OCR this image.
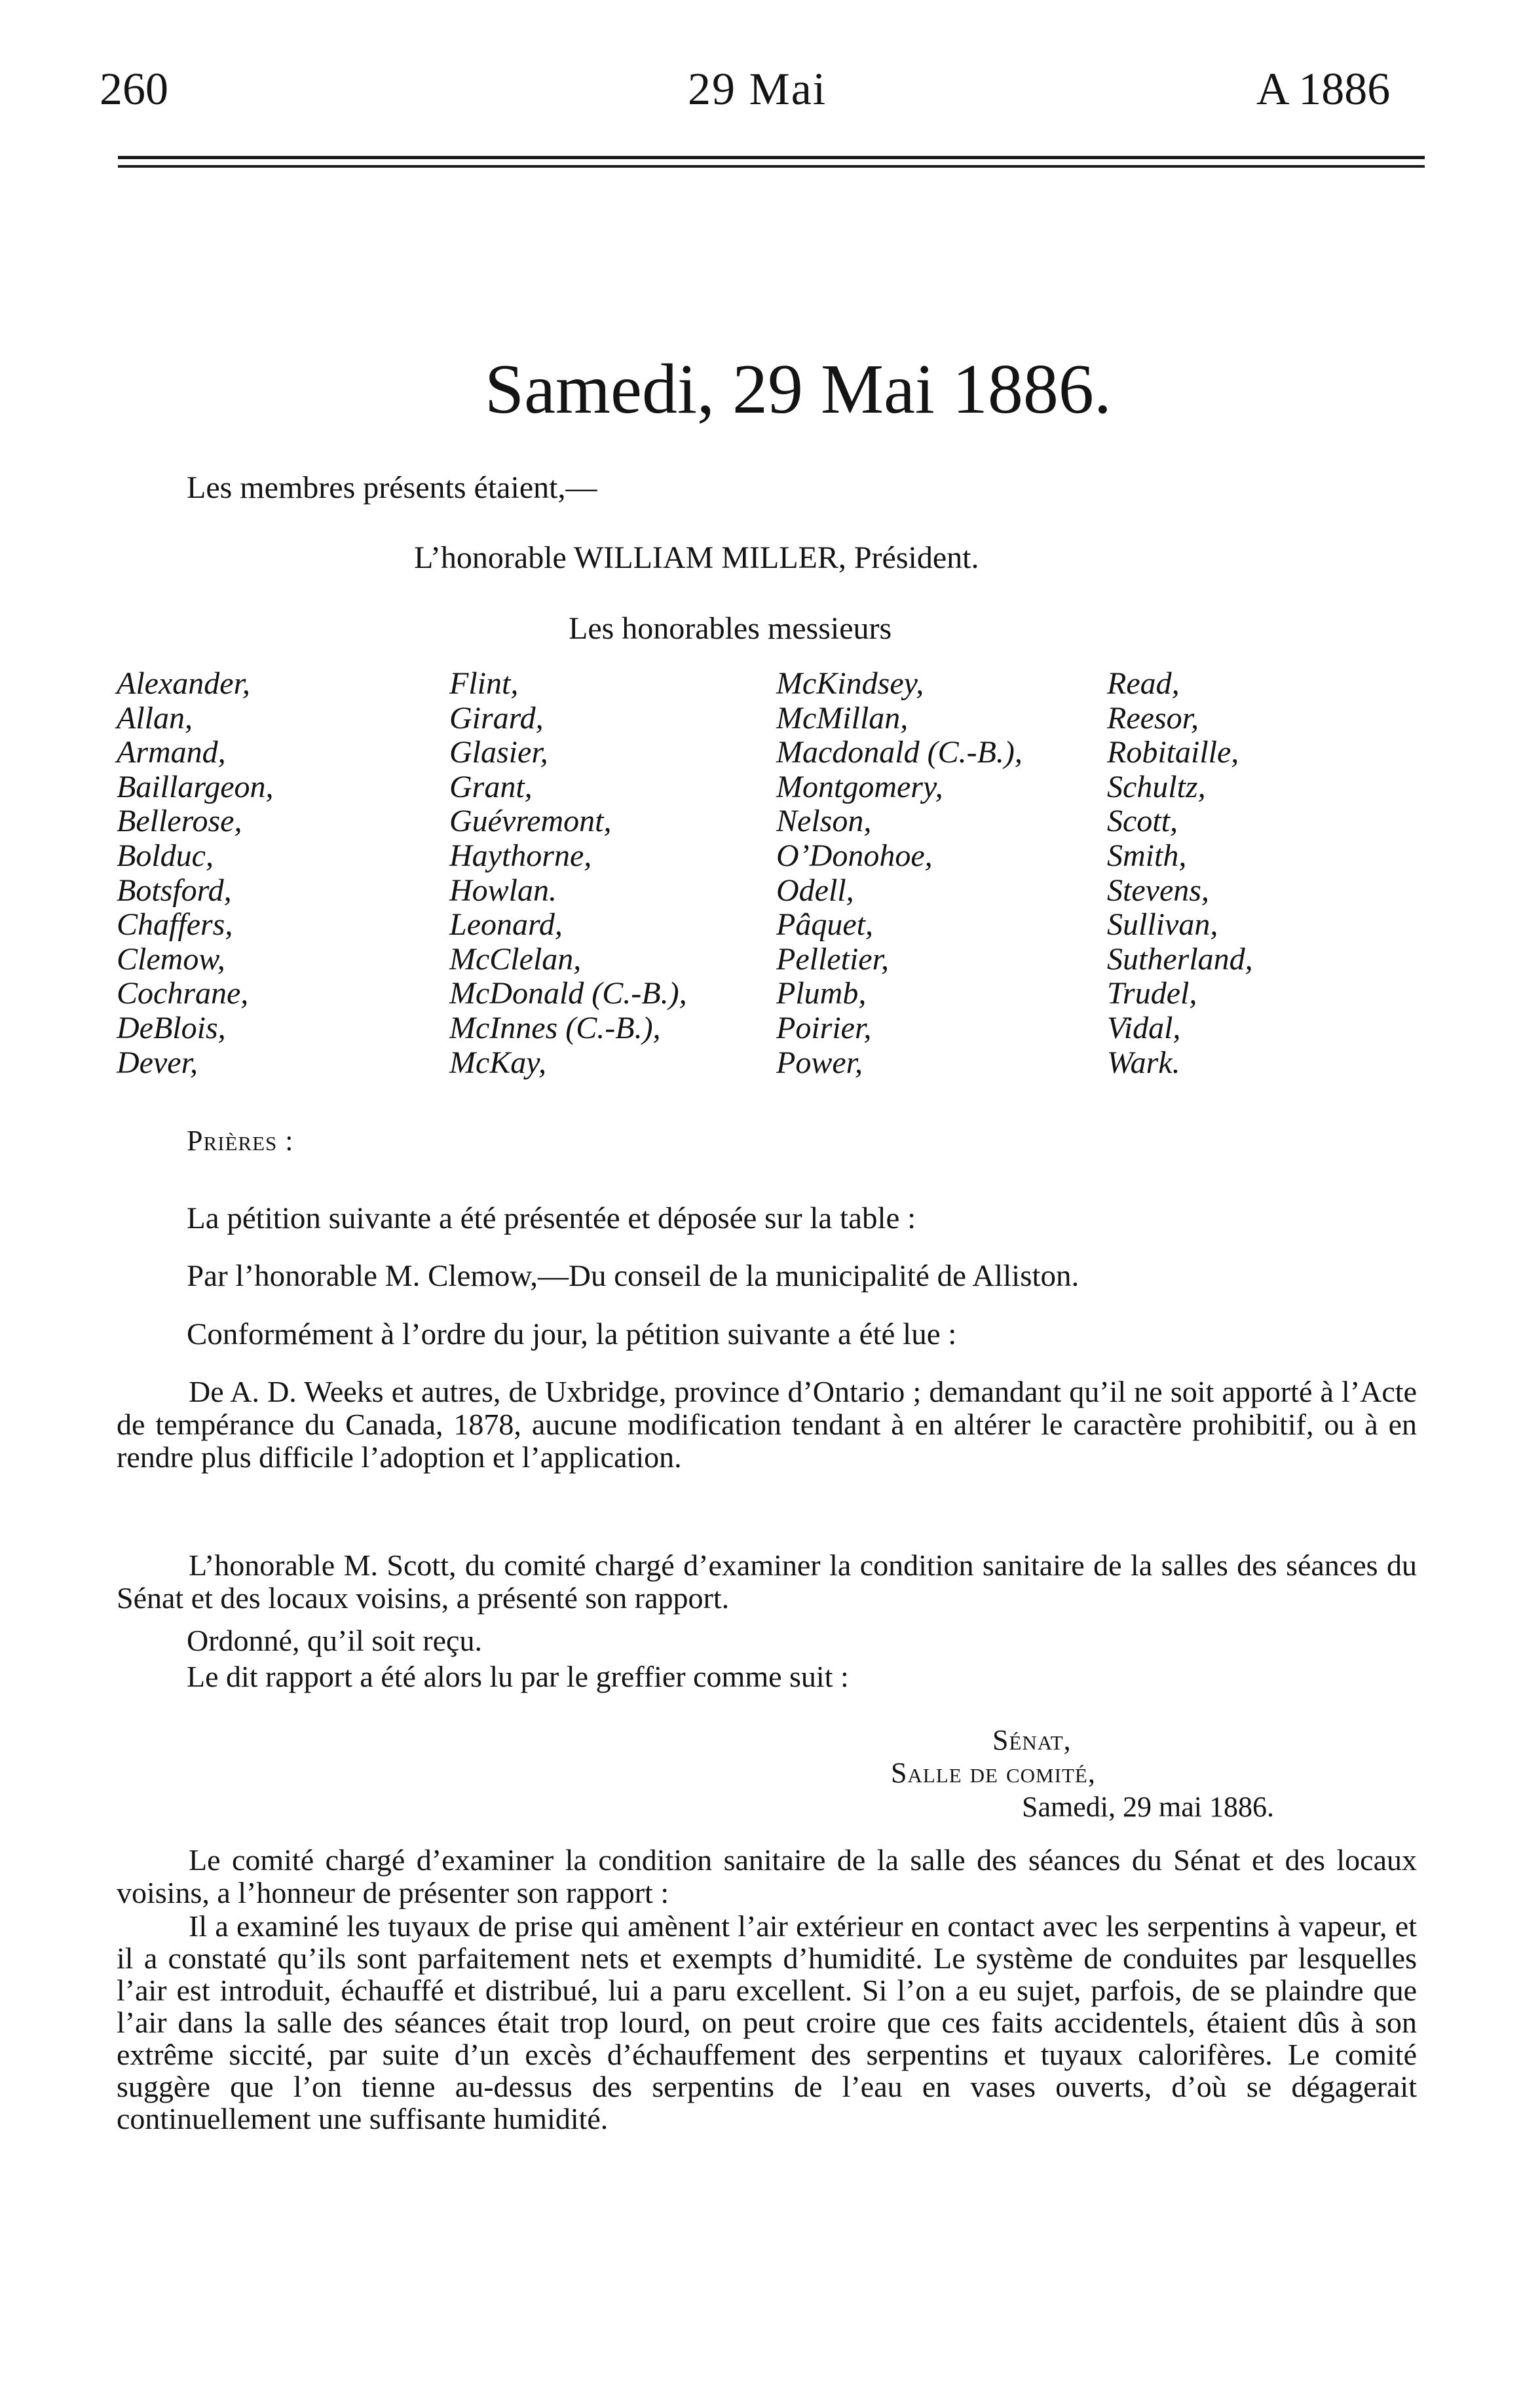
260	29 Mai	A 1886
Samedi, 29 Mai 1886.
Les membres présents étaient,—
L’honorable WILLIAM MILLER, Président.
Les honorables messieurs
Alexander,
Allan,
Armand,
Baillargeon,
Bellerose,
Bolduc,
Botsford,
Chaffers,
Clemow,
Cochrane,
DeBlois,
Dever,
Flint,
Girard,
Glasier,
Grant,
Guévremont,
Haythorne,
Howlan.
Leonard,
McClelan,
McDonald (C.-B.),
McInnes (C.-B.),
McKay,
McKindsey,
McMillan,
Macdonald (C.-B.),
Montgomery,
Nelson,
O’Donohoe,
Odell,
Pâquet,
Pelletier,
Plumb,
Poirier,
Power,
Read,
Reesor,
Robitaille,
Schultz,
Scott,
Smith,
Stevens,
Sullivan,
Sutherland,
Trudel,
Vidal,
Wark.
Prières :
La pétition suivante a été présentée et déposée sur la table :
Par l’honorable M. Clemow,—Du conseil de la municipalité de Alliston.
Conformément à l’ordre du jour, la pétition suivante a été lue :
De A. D. Weeks et autres, de Uxbridge, province d’Ontario ; demandant qu’il ne soit apporté à l’Acte de tempérance du Canada, 1878, aucune modification tendant à en altérer le caractère prohibitif, ou à en rendre plus difficile l’adoption et l’application.
L’honorable M. Scott, du comité chargé d’examiner la condition sanitaire de la salles des séances du Sénat et des locaux voisins, a présenté son rapport.
Ordonné, qu’il soit reçu.
Le dit rapport a été alors lu par le greffier comme suit :
Sénat,
Salle de comité,
Samedi, 29 mai 1886.
Le comité chargé d’examiner la condition sanitaire de la salle des séances du Sénat et des locaux voisins, a l’honneur de présenter son rapport :
Il a examiné les tuyaux de prise qui amènent l’air extérieur en contact avec les serpentins à vapeur, et il a constaté qu’ils sont parfaitement nets et exempts d’humidité. Le système de conduites par lesquelles l’air est introduit, échauffé et distribué, lui a paru excellent. Si l’on a eu sujet, parfois, de se plaindre que l’air dans la salle des séances était trop lourd, on peut croire que ces faits accidentels, étaient dûs à son extrême siccité, par suite d’un excès d’échauffement des serpentins et tuyaux calorifères. Le comité suggère que l’on tienne au-dessus des serpentins de l’eau en vases ouverts, d’où se dégagerait continuellement une suffisante humidité.
